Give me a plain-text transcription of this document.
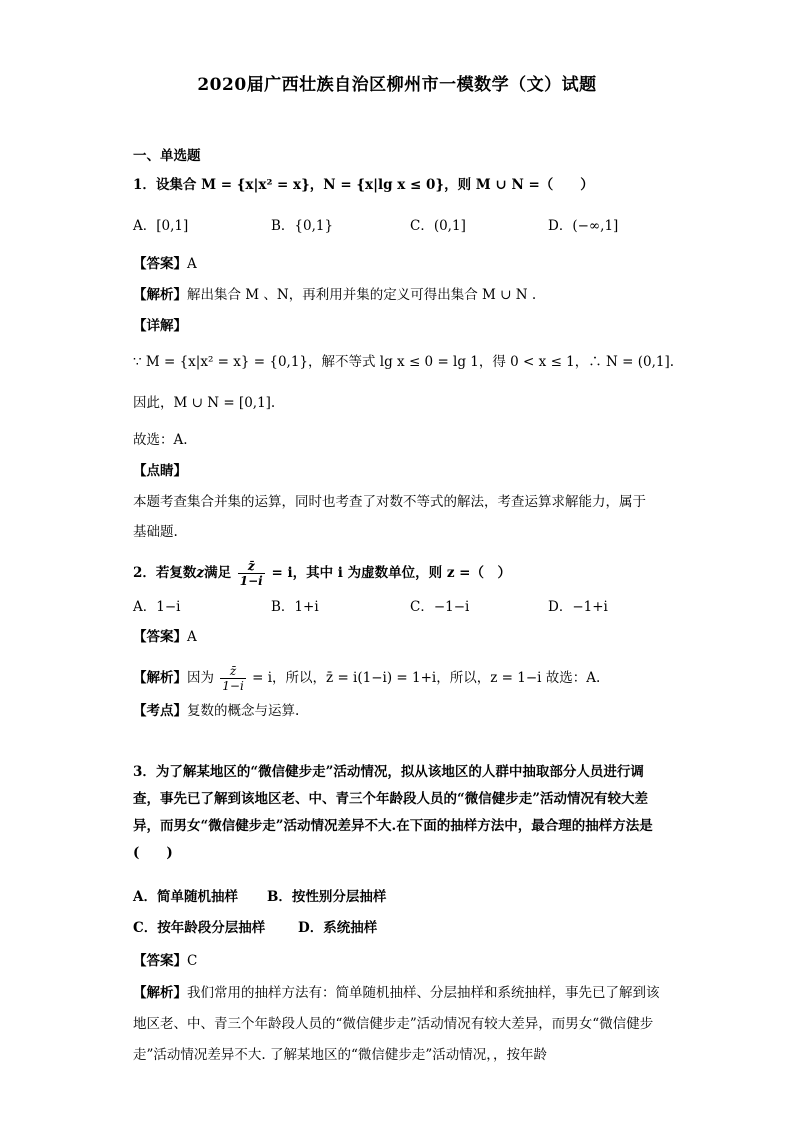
2020届广西壮族自治区柳州市一模数学（文）试题
一、单选题
1．设集合 M = {x|x² = x}，N = {x|lg x ≤ 0}，则 M ∪ N =（　　）
A．[0,1]	B．{0,1}	C．(0,1]	D．(−∞,1]
【答案】A
【解析】解出集合 M 、N，再利用并集的定义可得出集合 M ∪ N .
【详解】
∵ M = {x|x² = x} = {0,1}，解不等式 lg x ≤ 0 = lg 1，得 0 < x ≤ 1，∴ N = (0,1].
因此，M ∪ N = [0,1].
故选：A.
【点睛】
本题考查集合并集的运算，同时也考查了对数不等式的解法，考查运算求解能力，属于
基础题.
2．若复数z满足 $\frac{z̄}{1-i} = i$，其中 i 为虚数单位，则 z =（　）
A．1−i	B．1+i	C．−1−i	D．−1+i
【答案】A
【解析】因为 $\frac{z̄}{1-i} = i$，所以，z̄ = i(1−i) = 1+i，所以，z = 1−i 故选：A.
【考点】复数的概念与运算.
3．为了解某地区的“微信健步走”活动情况，拟从该地区的人群中抽取部分人员进行调查，事先已了解到该地区老、中、青三个年龄段人员的“微信健步走”活动情况有较大差异，而男女“微信健步走”活动情况差异不大.在下面的抽样方法中，最合理的抽样方法是(　　)
A．简单随机抽样 B．按性别分层抽样
C．按年龄段分层抽样 D．系统抽样
【答案】C
【解析】我们常用的抽样方法有：简单随机抽样、分层抽样和系统抽样，事先已了解到该地区老、中、青三个年龄段人员的“微信健步走”活动情况有较大差异，而男女“微信健步走”活动情况差异不大. 了解某地区的“微信健步走”活动情况，，按年龄
